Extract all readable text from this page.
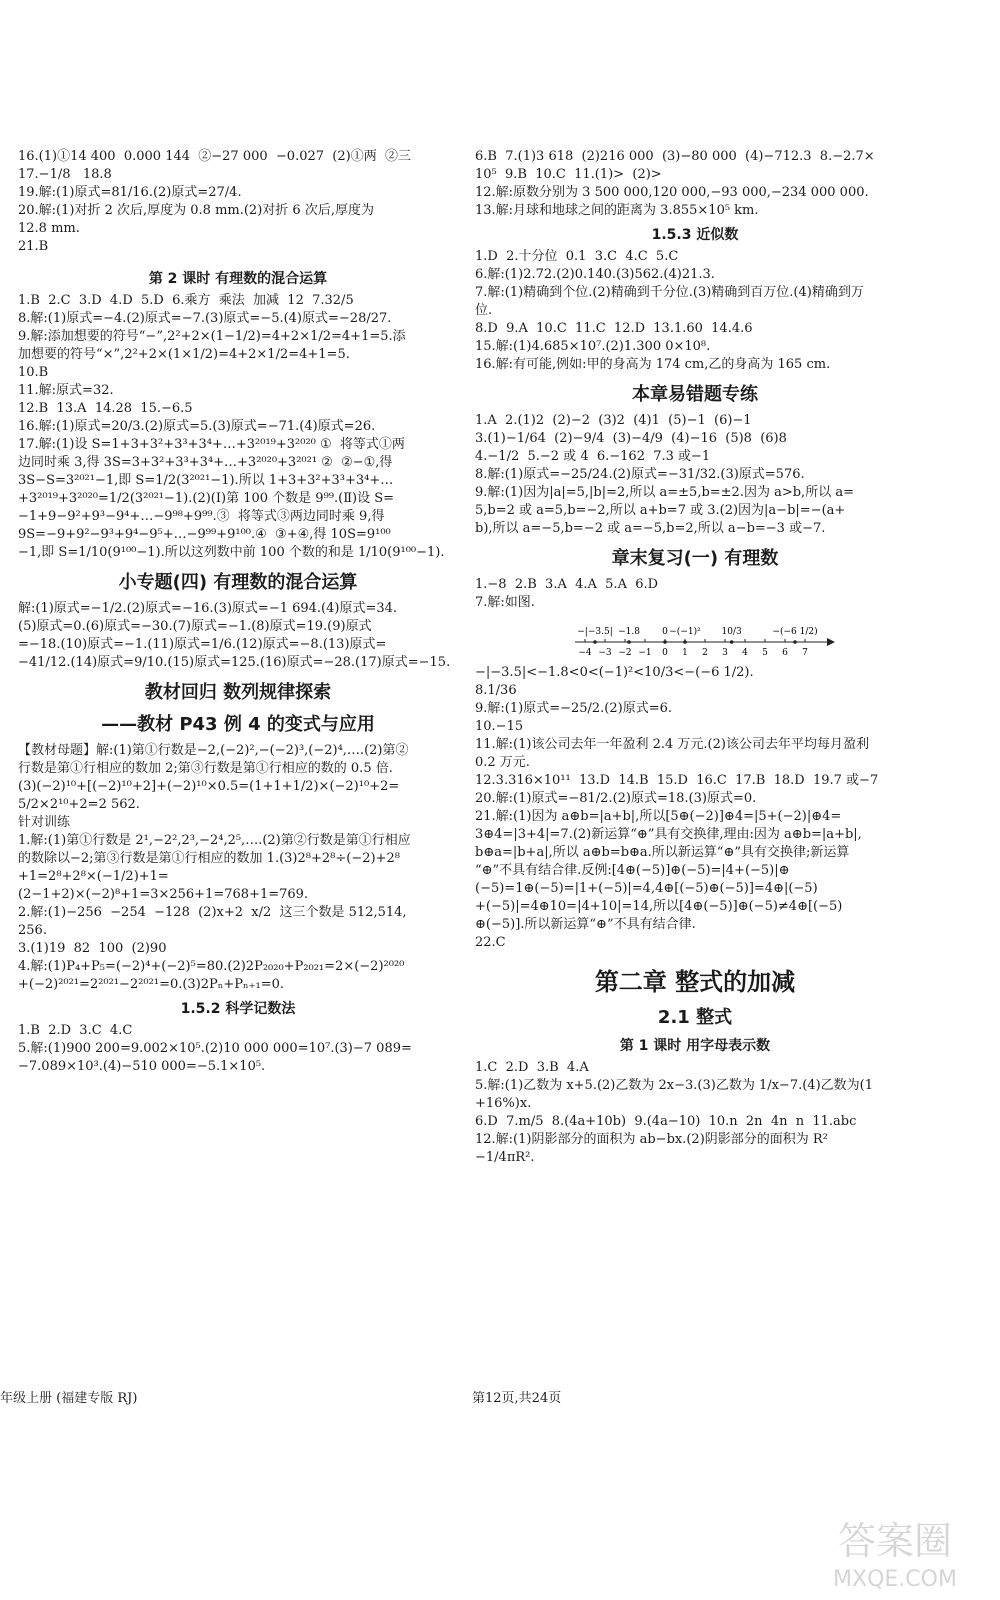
16.(1)①14 400  0.000 144  ②−27 000  −0.027  (2)①两  ②三

17.−1/8   18.8

19.解:(1)原式=81/16.(2)原式=27/4.

20.解:(1)对折 2 次后,厚度为 0.8 mm.(2)对折 6 次后,厚度为

12.8 mm.

21.B

第 2 课时 有理数的混合运算

1.B  2.C  3.D  4.D  5.D  6.乘方  乘法  加减  12  7.32/5

8.解:(1)原式=−4.(2)原式=−7.(3)原式=−5.(4)原式=−28/27.

9.解:添加想要的符号“−”,2²+2×(1−1/2)=4+2×1/2=4+1=5.添

加想要的符号“×”,2²+2×(1×1/2)=4+2×1/2=4+1=5.

10.B

11.解:原式=32.

12.B  13.A  14.28  15.−6.5

16.解:(1)原式=20/3.(2)原式=5.(3)原式=−71.(4)原式=26.

17.解:(1)设 S=1+3+3²+3³+3⁴+…+3²⁰¹⁹+3²⁰²⁰ ①  将等式①两

边同时乘 3,得 3S=3+3²+3³+3⁴+…+3²⁰²⁰+3²⁰²¹ ②  ②−①,得

3S−S=3²⁰²¹−1,即 S=1/2(3²⁰²¹−1).所以 1+3+3²+3³+3⁴+…

+3²⁰¹⁹+3²⁰²⁰=1/2(3²⁰²¹−1).(2)(Ⅰ)第 100 个数是 9⁹⁹.(Ⅱ)设 S=

−1+9−9²+9³−9⁴+…−9⁹⁸+9⁹⁹.③  将等式③两边同时乘 9,得

9S=−9+9²−9³+9⁴−9⁵+…−9⁹⁹+9¹⁰⁰.④  ③+④,得 10S=9¹⁰⁰

−1,即 S=1/10(9¹⁰⁰−1).所以这列数中前 100 个数的和是 1/10(9¹⁰⁰−1).

小专题(四) 有理数的混合运算

解:(1)原式=−1/2.(2)原式=−16.(3)原式=−1 694.(4)原式=34.

(5)原式=0.(6)原式=−30.(7)原式=−1.(8)原式=19.(9)原式

=−18.(10)原式=−1.(11)原式=1/6.(12)原式=−8.(13)原式=

−41/12.(14)原式=9/10.(15)原式=125.(16)原式=−28.(17)原式=−15.

教材回归 数列规律探索
——教材 P43 例 4 的变式与应用

【教材母题】解:(1)第①行数是−2,(−2)²,−(−2)³,(−2)⁴,….(2)第②

行数是第①行相应的数加 2;第③行数是第①行相应的数的 0.5 倍.

(3)(−2)¹⁰+[(−2)¹⁰+2]+(−2)¹⁰×0.5=(1+1+1/2)×(−2)¹⁰+2=

5/2×2¹⁰+2=2 562.

针对训练

1.解:(1)第①行数是 2¹,−2²,2³,−2⁴,2⁵,….(2)第②行数是第①行相应

的数除以−2;第③行数是第①行相应的数加 1.(3)2⁸+2⁸÷(−2)+2⁸

+1=2⁸+2⁸×(−1/2)+1=(2−1+2)×(−2)⁸+1=3×256+1=768+1=769.

2.解:(1)−256  −254  −128  (2)x+2  x/2  这三个数是 512,514,

256.

3.(1)19  82  100  (2)90

4.解:(1)P₄+P₅=(−2)⁴+(−2)⁵=80.(2)2P₂₀₂₀+P₂₀₂₁=2×(−2)²⁰²⁰

+(−2)²⁰²¹=2²⁰²¹−2²⁰²¹=0.(3)2Pₙ+Pₙ₊₁=0.

1.5.2 科学记数法

1.B  2.D  3.C  4.C

5.解:(1)900 200=9.002×10⁵.(2)10 000 000=10⁷.(3)−7 089=

−7.089×10³.(4)−510 000=−5.1×10⁵.

6.B  7.(1)3 618  (2)216 000  (3)−80 000  (4)−712.3  8.−2.7×

10⁵  9.B  10.C  11.(1)>  (2)>

12.解:原数分别为 3 500 000,120 000,−93 000,−234 000 000.

13.解:月球和地球之间的距离为 3.855×10⁵ km.

1.5.3 近似数

1.D  2.十分位  0.1  3.C  4.C  5.C

6.解:(1)2.72.(2)0.140.(3)562.(4)21.3.

7.解:(1)精确到个位.(2)精确到千分位.(3)精确到百万位.(4)精确到万

位.

8.D  9.A  10.C  11.C  12.D  13.1.60  14.4.6

15.解:(1)4.685×10⁷.(2)1.300 0×10⁸.

16.解:有可能,例如:甲的身高为 174 cm,乙的身高为 165 cm.

本章易错题专练

1.A  2.(1)2  (2)−2  (3)2  (4)1  (5)−1  (6)−1

3.(1)−1/64  (2)−9/4  (3)−4/9  (4)−16  (5)8  (6)8

4.−1/2  5.−2 或 4  6.−162  7.3 或−1

8.解:(1)原式=−25/24.(2)原式=−31/32.(3)原式=576.

9.解:(1)因为|a|=5,|b|=2,所以 a=±5,b=±2.因为 a>b,所以 a=

5,b=2 或 a=5,b=−2,所以 a+b=7 或 3.(2)因为|a−b|=−(a+

b),所以 a=−5,b=−2 或 a=−5,b=2,所以 a−b=−3 或−7.

章末复习(一) 有理数

1.−8  2.B  3.A  4.A  5.A  6.D

7.解:如图.

−4 −3 −2 −1 0 1 2 3 4 5 6 7
−|−3.5| −1.8 0 −(−1)² 10/3	−(−6 1/2)

−|−3.5|<−1.8<0<(−1)²<10/3<−(−6 1/2).

8.1/36

9.解:(1)原式=−25/2.(2)原式=6.

10.−15

11.解:(1)该公司去年一年盈利 2.4 万元.(2)该公司去年平均每月盈利

0.2 万元.

12.3.316×10¹¹  13.D  14.B  15.D  16.C  17.B  18.D  19.7 或−7

20.解:(1)原式=−81/2.(2)原式=18.(3)原式=0.

21.解:(1)因为 a⊕b=|a+b|,所以[5⊕(−2)]⊕4=|5+(−2)|⊕4=

3⊕4=|3+4|=7.(2)新运算“⊕”具有交换律,理由:因为 a⊕b=|a+b|,

b⊕a=|b+a|,所以 a⊕b=b⊕a.所以新运算“⊕”具有交换律;新运算

“⊕”不具有结合律.反例:[4⊕(−5)]⊕(−5)=|4+(−5)|⊕

(−5)=1⊕(−5)=|1+(−5)|=4,4⊕[(−5)⊕(−5)]=4⊕|(−5)

+(−5)|=4⊕10=|4+10|=14,所以[4⊕(−5)]⊕(−5)≠4⊕[(−5)

⊕(−5)].所以新运算“⊕”不具有结合律.

22.C

第二章 整式的加减
2.1 整式
第 1 课时 用字母表示数

1.C  2.D  3.B  4.A

5.解:(1)乙数为 x+5.(2)乙数为 2x−3.(3)乙数为 1/x−7.(4)乙数为(1

+16%)x.

6.D  7.m/5  8.(4a+10b)  9.(4a−10)  10.n  2n  4n  n  11.abc

12.解:(1)阴影部分的面积为 ab−bx.(2)阴影部分的面积为 R²

−1/4πR².

年级上册 (福建专版 RJ)	第12页,共24页
答案圈
MXQE.COM
